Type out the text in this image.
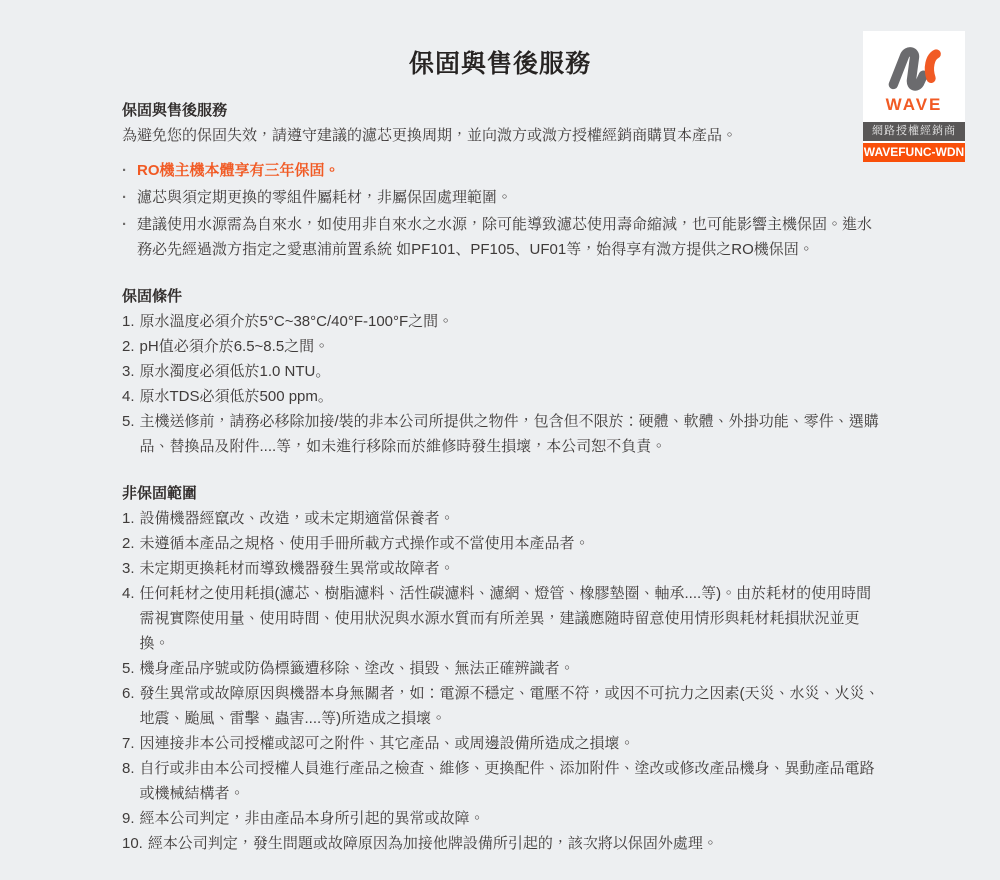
保固與售後服務
WAVE
網路授權經銷商
WAVEFUNC-WDN
保固與售後服務

為避免您的保固失效，請遵守建議的濾芯更換周期，並向溦方或溦方授權經銷商購買本產品。

·
RO機主機本體享有三年保固。
·
濾芯與須定期更換的零組件屬耗材，非屬保固處理範圍。
·
建議使用水源需為自來水，如使用非自來水之水源，除可能導致濾芯使用壽命縮減，也可能影響主機保固。進水務必先經過溦方指定之愛惠浦前置系統 如PF101、PF105、UF01等，始得享有溦方提供之RO機保固。
保固條件
1. 原水溫度必須介於5°C~38°C/40°F-100°F之間。
2. pH值必須介於6.5~8.5之間。
3. 原水濁度必須低於1.0 NTU。
4. 原水TDS必須低於500 ppm。
5. 主機送修前，請務必移除加接/裝的非本公司所提供之物件，包含但不限於：硬體、軟體、外掛功能、零件、選購品、替換品及附件....等，如未進行移除而於維修時發生損壞，本公司恕不負責。
非保固範圍
1. 設備機器經竄改、改造，或未定期適當保養者。
2. 未遵循本產品之規格、使用手冊所載方式操作或不當使用本產品者。
3. 未定期更換耗材而導致機器發生異常或故障者。
4. 任何耗材之使用耗損(濾芯、樹脂濾料、活性碳濾料、濾網、燈管、橡膠墊圈、軸承....等)。由於耗材的使用時間需視實際使用量、使用時間、使用狀況與水源水質而有所差異，建議應隨時留意使用情形與耗材耗損狀況並更換。
5. 機身產品序號或防偽標籤遭移除、塗改、損毀、無法正確辨識者。
6. 發生異常或故障原因與機器本身無關者，如：電源不穩定、電壓不符，或因不可抗力之因素(天災、水災、火災、地震、颱風、雷擊、蟲害....等)所造成之損壞。
7. 因連接非本公司授權或認可之附件、其它產品、或周邊設備所造成之損壞。
8. 自行或非由本公司授權人員進行產品之檢查、維修、更換配件、添加附件、塗改或修改產品機身、異動產品電路或機械結構者。
9. 經本公司判定，非由產品本身所引起的異常或故障。
10. 經本公司判定，發生問題或故障原因為加接他牌設備所引起的，該次將以保固外處理。
